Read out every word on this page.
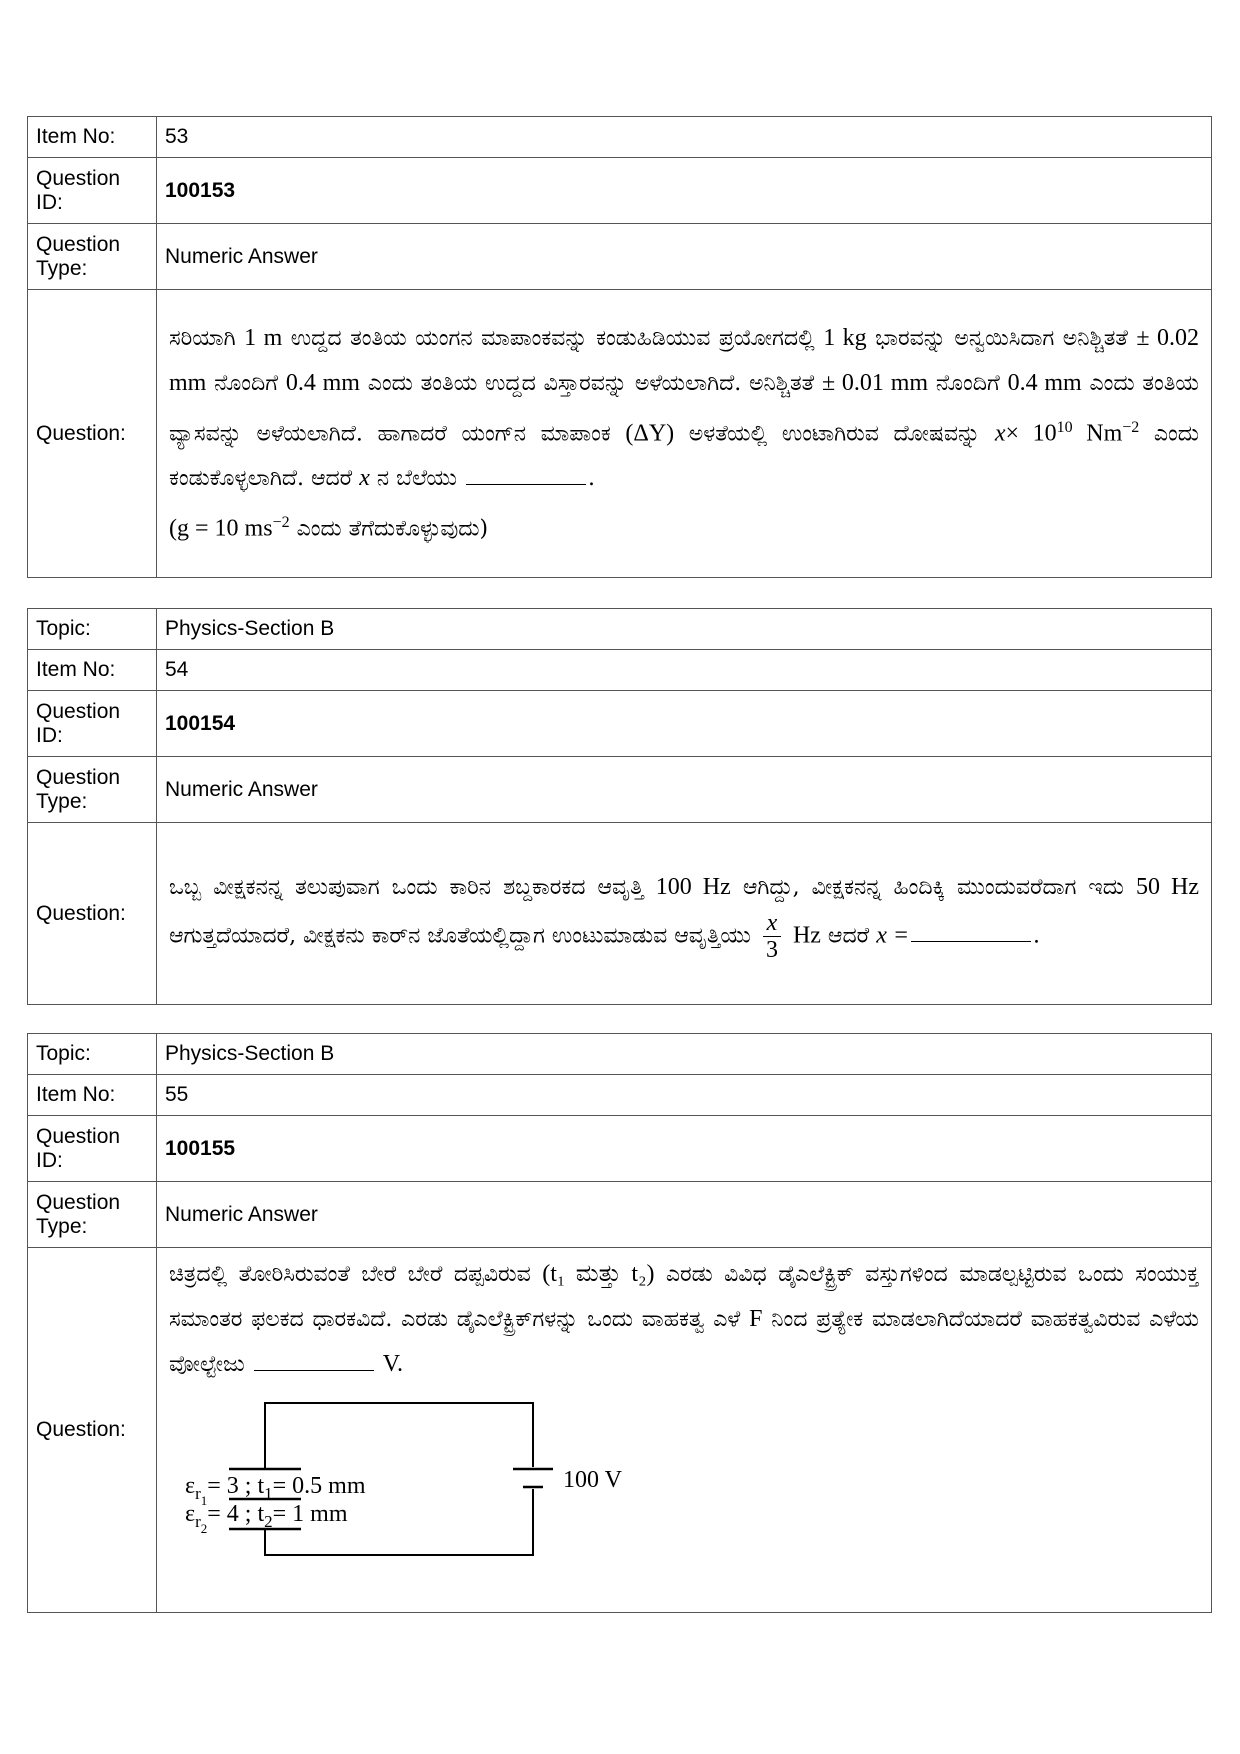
Item No:	53
Question ID:	100153
Question Type:	Numeric Answer
Question:	ಸರಿಯಾಗಿ 1 m ಉದ್ದದ ತಂತಿಯ ಯಂಗನ ಮಾಪಾಂಕವನ್ನು ಕಂಡುಹಿಡಿಯುವ ಪ್ರಯೋಗದಲ್ಲಿ 1 kg ಭಾರವನ್ನು ಅನ್ವಯಿಸಿದಾಗ ಅನಿಶ್ಚಿತತೆ ± 0.02 mm ನೊಂದಿಗೆ 0.4 mm ಎಂದು ತಂತಿಯ ಉದ್ದದ ವಿಸ್ತಾರವನ್ನು ಅಳೆಯಲಾಗಿದೆ. ಅನಿಶ್ಚಿತತೆ ± 0.01 mm ನೊಂದಿಗೆ 0.4 mm ಎಂದು ತಂತಿಯ ವ್ಯಾಸವನ್ನು ಅಳೆಯಲಾಗಿದೆ. ಹಾಗಾದರೆ ಯಂಗ್‌ನ ಮಾಪಾಂಕ (ΔY) ಅಳತೆಯಲ್ಲಿ ಉಂಟಾಗಿರುವ ದೋಷವನ್ನು $x\times 10^{10}$ $Nm^{-2}$ ಎಂದು ಕಂಡುಕೊಳ್ಳಲಾಗಿದೆ. ಆದರೆ x ನ ಬೆಲೆಯು .

(g = 10 $ms^{-2}$ ಎಂದು ತೆಗೆದುಕೊಳ್ಳುವುದು)

Topic:	Physics-Section B
Item No:	54
Question ID:	100154
Question Type:	Numeric Answer
Question:	ಒಬ್ಬ ವೀಕ್ಷಕನನ್ನ ತಲುಪುವಾಗ ಒಂದು ಕಾರಿನ ಶಬ್ದಕಾರಕದ ಆವೃತ್ತಿ 100 Hz ಆಗಿದ್ದು, ವೀಕ್ಷಕನನ್ನ ಹಿಂದಿಕ್ಕಿ ಮುಂದುವರೆದಾಗ ಇದು 50 Hz ಆಗುತ್ತದೆಯಾದರೆ, ವೀಕ್ಷಕನು ಕಾರ್‌ನ ಜೊತೆಯಲ್ಲಿದ್ದಾಗ ಉಂಟುಮಾಡುವ ಆವೃತ್ತಿಯು $\frac{x}{3}$ Hz ಆದರೆ x = .

Topic:	Physics-Section B
Item No:	55
Question ID:	100155
Question Type:	Numeric Answer
Question:	ಚಿತ್ರದಲ್ಲಿ ತೋರಿಸಿರುವಂತೆ ಬೇರೆ ಬೇರೆ ದಪ್ಪವಿರುವ (t₁ ಮತ್ತು t₂) ಎರಡು ವಿವಿಧ ಡೈಎಲೆಕ್ಟ್ರಿಕ್ ವಸ್ತುಗಳಿಂದ ಮಾಡಲ್ಪಟ್ಟಿರುವ ಒಂದು ಸಂಯುಕ್ತ ಸಮಾಂತರ ಫಲಕದ ಧಾರಕವಿದೆ. ಎರಡು ಡೈಎಲೆಕ್ಟ್ರಿಕ್‌ಗಳನ್ನು ಒಂದು ವಾಹಕತ್ವ ಎಳೆ F ನಿಂದ ಪ್ರತ್ಯೇಕ ಮಾಡಲಾಗಿದೆಯಾದರೆ ವಾಹಕತ್ವವಿರುವ ಎಳೆಯ ವೋಲ್ಟೇಜು V.

$\varepsilon_{r1}= 3$ ; $t_1= 0.5$ mm
$\varepsilon_{r2}= 4$ ; $t_2= 1$ mm
100 V
